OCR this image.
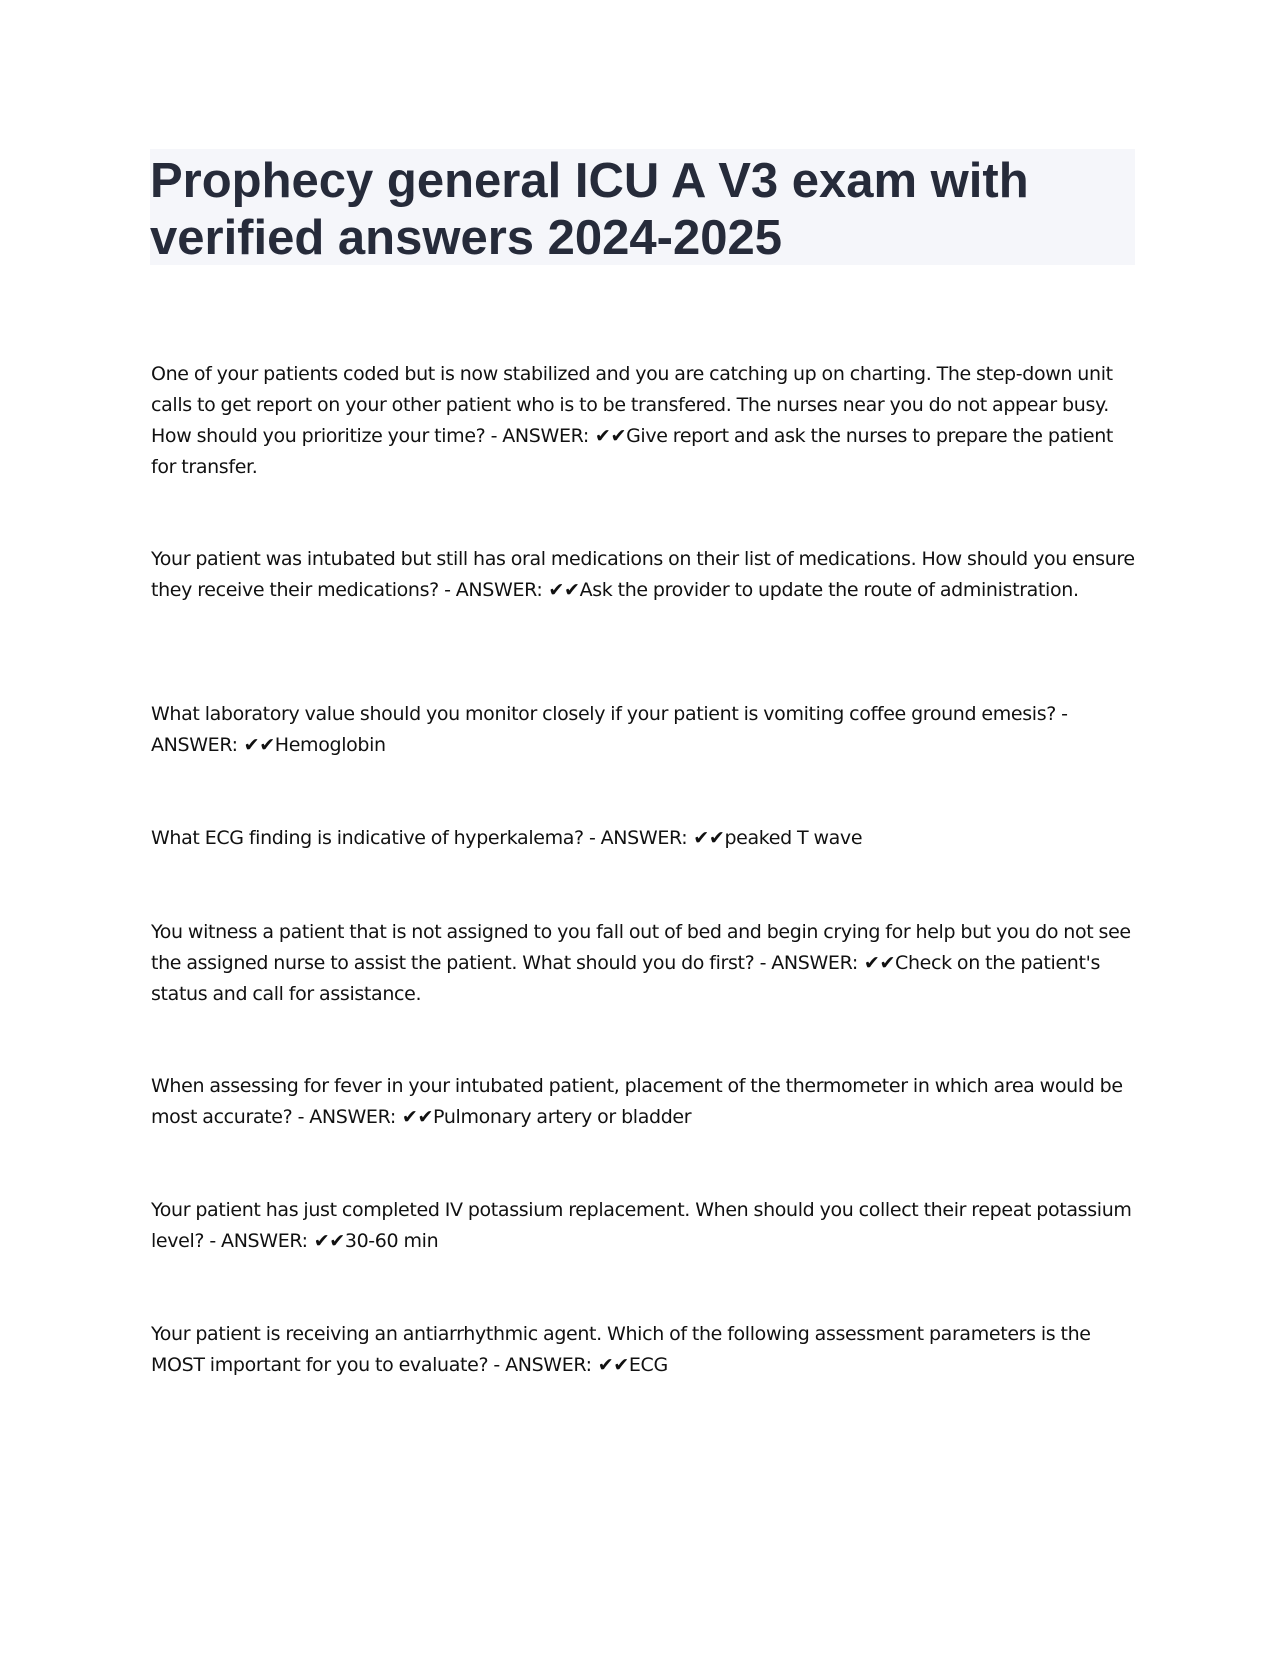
Prophecy general ICU A V3 exam with verified answers 2024-2025

One of your patients coded but is now stabilized and you are catching up on charting. The step-down unit calls to get report on your other patient who is to be transfered. The nurses near you do not appear busy. How should you prioritize your time? - ANSWER: ✔✔Give report and ask the nurses to prepare the patient for transfer.

Your patient was intubated but still has oral medications on their list of medications. How should you ensure they receive their medications? - ANSWER: ✔✔Ask the provider to update the route of administration.

What laboratory value should you monitor closely if your patient is vomiting coffee ground emesis? - ANSWER: ✔✔Hemoglobin

What ECG finding is indicative of hyperkalema? - ANSWER: ✔✔peaked T wave

You witness a patient that is not assigned to you fall out of bed and begin crying for help but you do not see the assigned nurse to assist the patient. What should you do first? - ANSWER: ✔✔Check on the patient's status and call for assistance.

When assessing for fever in your intubated patient, placement of the thermometer in which area would be most accurate? - ANSWER: ✔✔Pulmonary artery or bladder

Your patient has just completed IV potassium replacement. When should you collect their repeat potassium level? - ANSWER: ✔✔30-60 min

Your patient is receiving an antiarrhythmic agent. Which of the following assessment parameters is the MOST important for you to evaluate? - ANSWER: ✔✔ECG
